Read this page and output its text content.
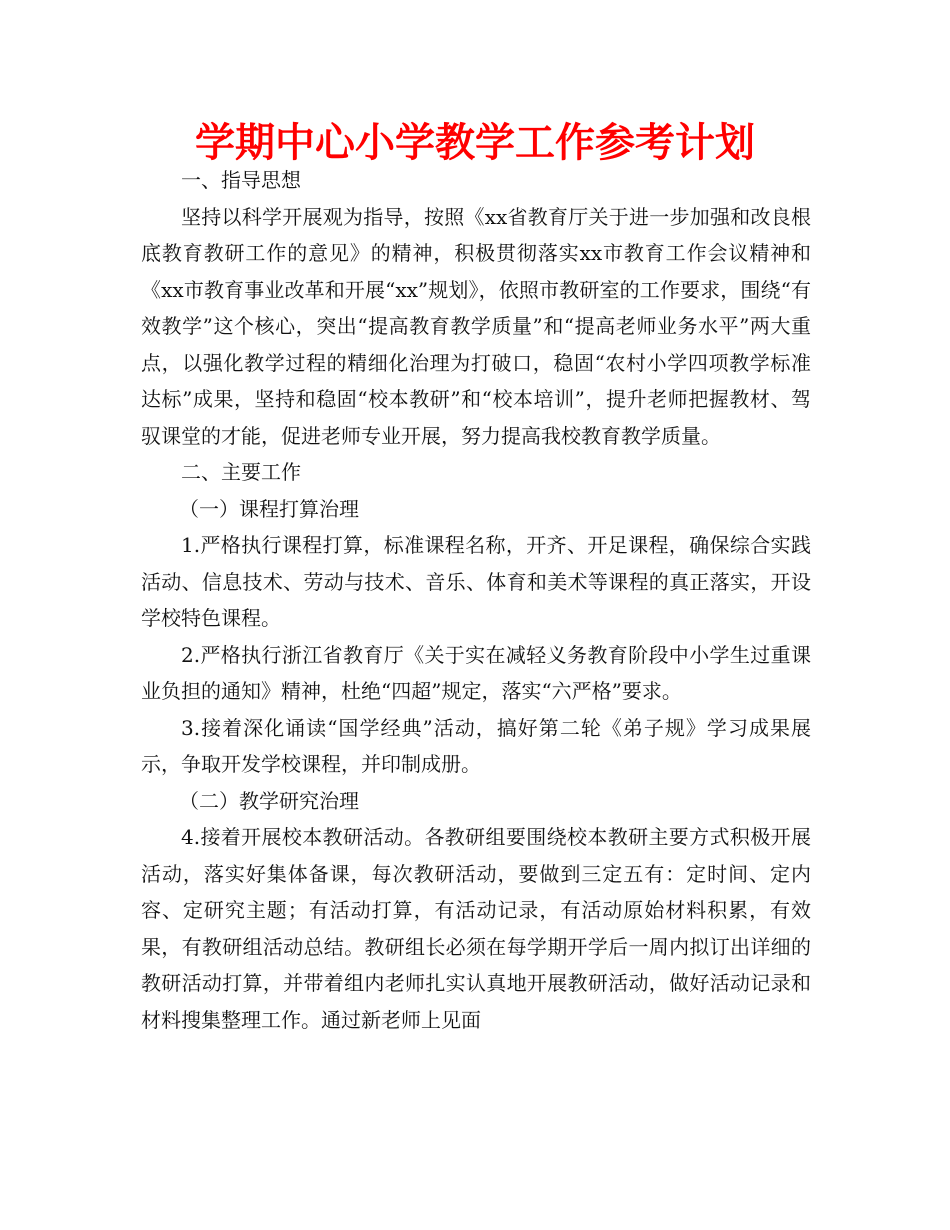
学期中心小学教学工作参考计划

一、指导思想

坚持以科学开展观为指导，按照《xx省教育厅关于进一步加强和改良根底教育教研工作的意见》的精神，积极贯彻落实xx市教育工作会议精神和《xx市教育事业改革和开展“xx”规划》，依照市教研室的工作要求，围绕“有效教学”这个核心，突出“提高教育教学质量”和“提高老师业务水平”两大重点，以强化教学过程的精细化治理为打破口，稳固“农村小学四项教学标准达标”成果，坚持和稳固“校本教研”和“校本培训”，提升老师把握教材、驾驭课堂的才能，促进老师专业开展，努力提高我校教育教学质量。

二、主要工作

（一）课程打算治理

1.严格执行课程打算，标准课程名称，开齐、开足课程，确保综合实践活动、信息技术、劳动与技术、音乐、体育和美术等课程的真正落实，开设学校特色课程。

2.严格执行浙江省教育厅《关于实在减轻义务教育阶段中小学生过重课业负担的通知》精神，杜绝“四超”规定，落实“六严格”要求。

3.接着深化诵读“国学经典”活动，搞好第二轮《弟子规》学习成果展示，争取开发学校课程，并印制成册。

（二）教学研究治理

4.接着开展校本教研活动。各教研组要围绕校本教研主要方式积极开展活动，落实好集体备课，每次教研活动，要做到三定五有：定时间、定内容、定研究主题；有活动打算，有活动记录，有活动原始材料积累，有效果，有教研组活动总结。教研组长必须在每学期开学后一周内拟订出详细的教研活动打算，并带着组内老师扎实认真地开展教研活动，做好活动记录和材料搜集整理工作。通过新老师上见面
